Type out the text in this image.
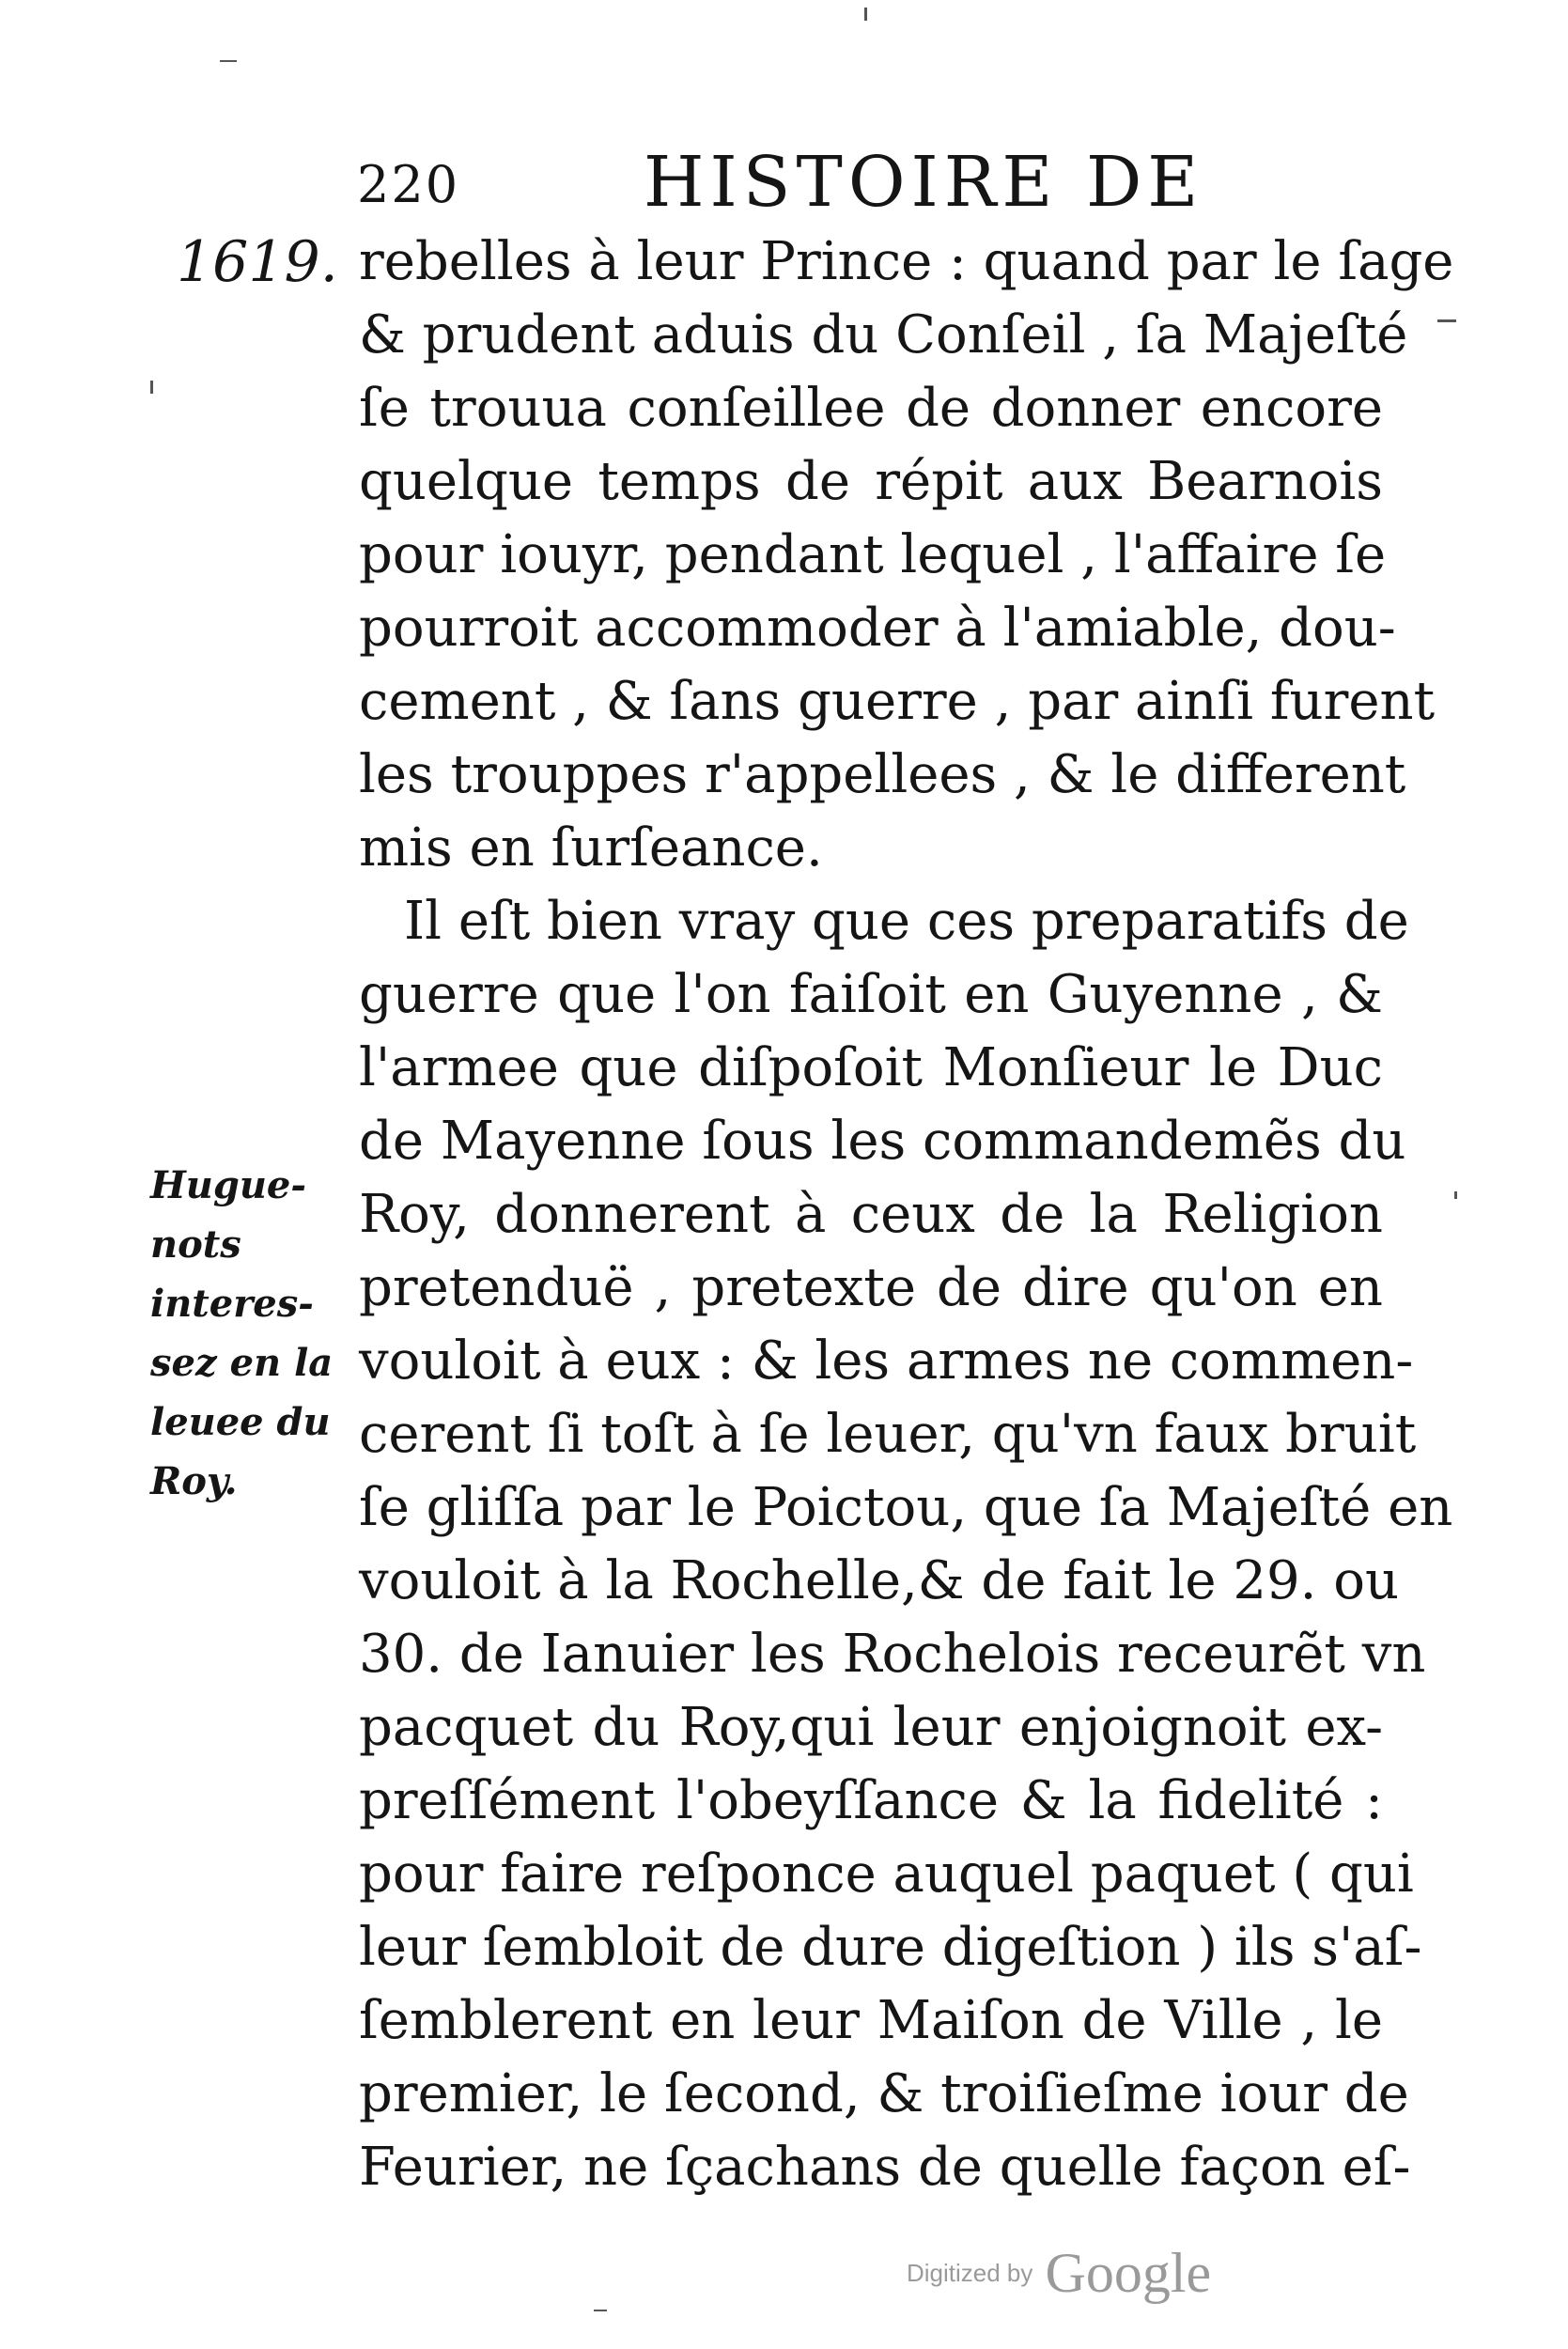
220	HISTOIRE DE
1619. rebelles à leur Prince : quand par le ſage
& prudent aduis du Conſeil , ſa Majeſté
ſe trouua conſeillee de donner encore
quelque temps de répit aux Bearnois
pour iouyr, pendant lequel , l'affaire ſe
pourroit accommoder à l'amiable, dou-
cement , & ſans guerre , par ainſi furent
les trouppes r'appellees , & le different
mis en ſurſeance.
Il eſt bien vray que ces preparatifs de
guerre que l'on faiſoit en Guyenne , &
l'armee que diſpoſoit Monſieur le Duc
de Mayenne ſous les commandemẽs du
Roy, donnerent à ceux de la Religion
pretenduë , pretexte de dire qu'on en
vouloit à eux : & les armes ne commen-
cerent ſi toſt à ſe leuer, qu'vn faux bruit
ſe gliſſa par le Poictou, que ſa Majeſté en
vouloit à la Rochelle,& de fait le 29. ou
30. de Ianuier les Rochelois receurẽt vn
pacquet du Roy,qui leur enjoignoit ex-
preſſément l'obeyſſance & la fidelité :
pour faire reſponce auquel paquet ( qui
leur ſembloit de dure digeſtion ) ils s'aſ-
ſemblerent en leur Maiſon de Ville , le
premier, le ſecond, & troiſieſme iour de
Feurier, ne ſçachans de quelle façon eſ-
Hugue-
nots
interes-
sez en la
leuee du
Roy.
Digitized by Google
